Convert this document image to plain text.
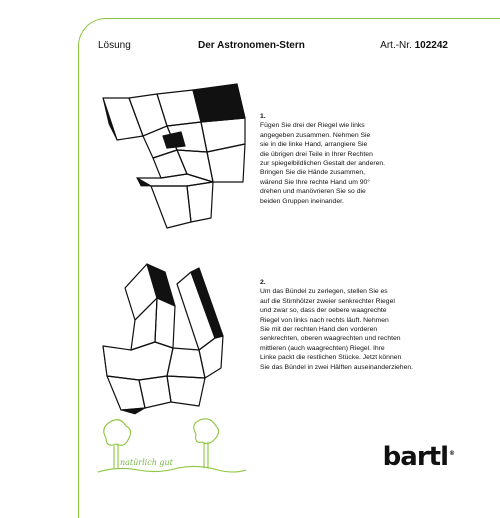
Lösung	Der Astronomen-Stern	Art.-Nr. 102242
1.
Fügen Sie drei der Riegel wie links
angegeben zusammen. Nehmen Sie
sie in die linke Hand, arrangiere Sie
die übrigen drei Teile in Ihrer Rechten
zur spiegelbildlichen Gestalt der anderen.
Bringen Sie die Hände zusammen,
wärend Sie Ihre rechte Hand um 90°
drehen und manövrieren Sie so die
beiden Gruppen ineinander.
2.
Um das Bündel zu zerlegen, stellen Sie es
auf die Stirnhölzer zweier senkrechter Riegel
und zwar so, dass der oebere waagrechte
Riegel von links nach rechts läuft. Nehmen
Sie mit der rechten Hand den vorderen
senkrechten, oberen waagrechten und rechten
mittleren (auch waagrechten) Riegel. Ihre
Linke packt die restlichen Stücke. Jetzt können
Sie das Bündel in zwei Hälften auseinanderziehen.
natürlich gut	bartl®
